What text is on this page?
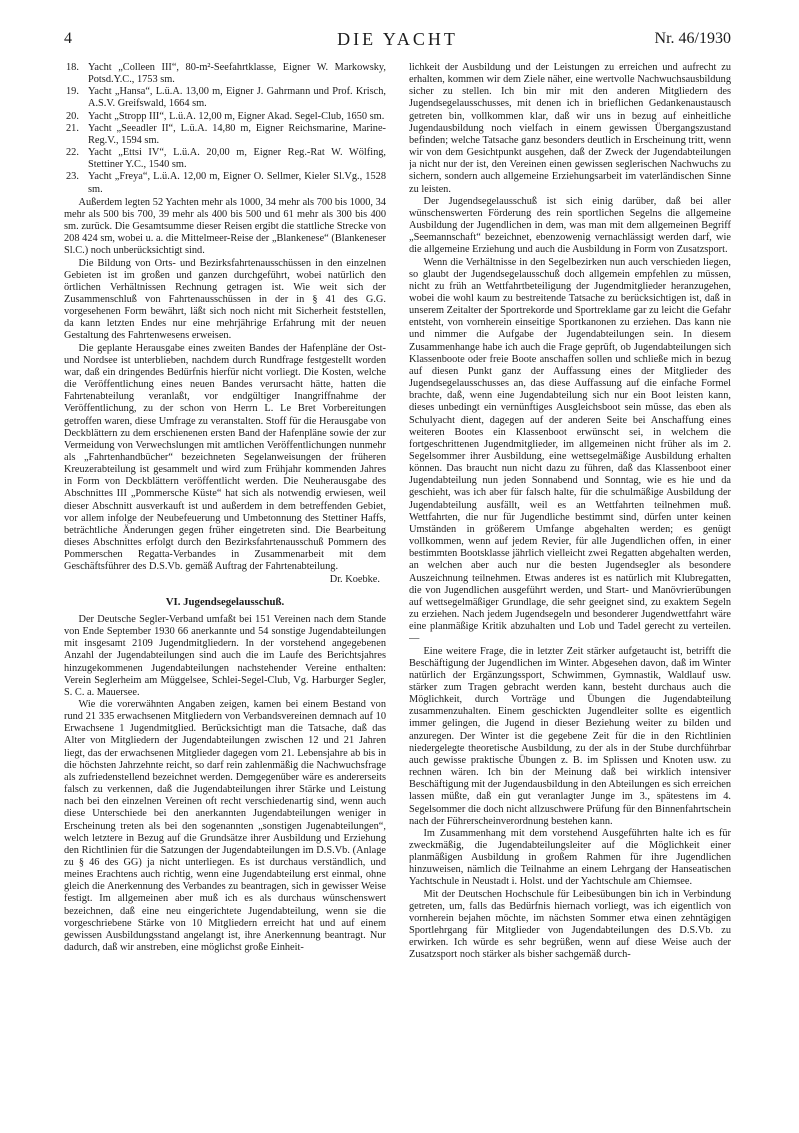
4	DIE YACHT	Nr. 46/1930
18. Yacht „Colleen III“, 80-m²-Seefahrtklasse, Eigner W. Markowsky, Potsd.Y.C., 1753 sm.
19. Yacht „Hansa“, L.ü.A. 13,00 m, Eigner J. Gahrmann und Prof. Krisch, A.S.V. Greifswald, 1664 sm.
20. Yacht „Stropp III“, L.ü.A. 12,00 m, Eigner Akad. Segel-Club, 1650 sm.
21. Yacht „Seeadler II“, L.ü.A. 14,80 m, Eigner Reichsmarine, Marine-Reg.V., 1594 sm.
22. Yacht „Ettsi IV“, L.ü.A. 20,00 m, Eigner Reg.-Rat W. Wölfing, Stettiner Y.C., 1540 sm.
23. Yacht „Freya“, L.ü.A. 12,00 m, Eigner O. Sellmer, Kieler Sl.Vg., 1528 sm.

Außerdem legten 52 Yachten mehr als 1000, 34 mehr als 700 bis 1000, 34 mehr als 500 bis 700, 39 mehr als 400 bis 500 und 61 mehr als 300 bis 400 sm. zurück. Die Gesamtsumme dieser Reisen ergibt die stattliche Strecke von 208 424 sm, wobei u. a. die Mittelmeer-Reise der „Blankenese“ (Blankeneser Sl.C.) noch unberücksichtigt sind.

Die Bildung von Orts- und Bezirksfahrtenausschüssen in den einzelnen Gebieten ist im großen und ganzen durchgeführt, wobei natürlich den örtlichen Verhältnissen Rechnung getragen ist. Wie weit sich der Zusammenschluß von Fahrtenausschüssen in der in § 41 des G.G. vorgesehenen Form bewährt, läßt sich noch nicht mit Sicherheit feststellen, da kann letzten Endes nur eine mehrjährige Erfahrung mit der neuen Gestaltung des Fahrtenwesens erweisen.

Die geplante Herausgabe eines zweiten Bandes der Hafenpläne der Ost- und Nordsee ist unterblieben, nachdem durch Rundfrage festgestellt worden war, daß ein dringendes Bedürfnis hierfür nicht vorliegt. Die Kosten, welche die Veröffentlichung eines neuen Bandes verursacht hätte, hatten die Fahrtenabteilung veranlaßt, vor endgültiger Inangriffnahme der Veröffentlichung, zu der schon von Herrn L. Le Bret Vorbereitungen getroffen waren, diese Umfrage zu veranstalten. Stoff für die Herausgabe von Deckblättern zu dem erschienenen ersten Band der Hafenpläne sowie der zur Vermeidung von Verwechslungen mit amtlichen Veröffentlichungen nunmehr als „Fahrtenhandbücher“ bezeichneten Segelanweisungen der früheren Kreuzerabteilung ist gesammelt und wird zum Frühjahr kommenden Jahres in Form von Deckblättern veröffentlicht werden. Die Neuherausgabe des Abschnittes III „Pommersche Küste“ hat sich als notwendig erwiesen, weil dieser Abschnitt ausverkauft ist und außerdem in dem betreffenden Gebiet, vor allem infolge der Neubefeuerung und Umbetonnung des Stettiner Haffs, beträchtliche Änderungen gegen früher eingetreten sind. Die Bearbeitung dieses Abschnittes erfolgt durch den Bezirksfahrtenausschuß Pommern des Pommerschen Regatta-Verbandes in Zusammenarbeit mit dem Geschäftsführer des D.S.Vb. gemäß Auftrag der Fahrtenabteilung.

Dr. Koebke.

VI. Jugendsegelausschuß.

Der Deutsche Segler-Verband umfaßt bei 151 Vereinen nach dem Stande von Ende September 1930 66 anerkannte und 54 sonstige Jugendabteilungen mit insgesamt 2109 Jugendmitgliedern. In der vorstehend angegebenen Anzahl der Jugendabteilungen sind auch die im Laufe des Berichtsjahres hinzugekommenen Jugendabteilungen nachstehender Vereine enthalten: Verein Seglerheim am Müggelsee, Schlei-Segel-Club, Vg. Harburger Segler, S. C. a. Mauersee.

Wie die vorerwähnten Angaben zeigen, kamen bei einem Bestand von rund 21 335 erwachsenen Mitgliedern von Verbandsvereinen demnach auf 10 Erwachsene 1 Jugendmitglied. Berücksichtigt man die Tatsache, daß das Alter von Mitgliedern der Jugendabteilungen zwischen 12 und 21 Jahren liegt, das der erwachsenen Mitglieder dagegen vom 21. Lebensjahre ab bis in die höchsten Jahrzehnte reicht, so darf rein zahlenmäßig die Nachwuchsfrage als zufriedenstellend bezeichnet werden. Demgegenüber wäre es andererseits falsch zu verkennen, daß die Jugendabteilungen ihrer Stärke und Leistung nach bei den einzelnen Vereinen oft recht verschiedenartig sind, wenn auch diese Unterschiede bei den anerkannten Jugendabteilungen weniger in Erscheinung treten als bei den sogenannten „sonstigen Jugenabteilungen“, welch letztere in Bezug auf die Grundsätze ihrer Ausbildung und Erziehung den Richtlinien für die Satzungen der Jugendabteilungen im D.S.Vb. (Anlage zu § 46 des GG) ja nicht unterliegen. Es ist durchaus verständlich, und meines Erachtens auch richtig, wenn eine Jugendabteilung erst einmal, ohne gleich die Anerkennung des Verbandes zu beantragen, sich in gewisser Weise festigt. Im allgemeinen aber muß ich es als durchaus wünschenswert bezeichnen, daß eine neu eingerichtete Jugendabteilung, wenn sie die vorgeschriebene Stärke von 10 Mitgliedern erreicht hat und auf einem gewissen Ausbildungsstand angelangt ist, ihre Anerkennung beantragt. Nur dadurch, daß wir anstreben, eine möglichst große Einheit-

lichkeit der Ausbildung und der Leistungen zu erreichen und aufrecht zu erhalten, kommen wir dem Ziele näher, eine wertvolle Nachwuchsausbildung sicher zu stellen. Ich bin mir mit den anderen Mitgliedern des Jugendsegelausschusses, mit denen ich in brieflichen Gedankenaustausch getreten bin, vollkommen klar, daß wir uns in bezug auf einheitliche Jugendausbildung noch vielfach in einem gewissen Übergangszustand befinden; welche Tatsache ganz besonders deutlich in Erscheinung tritt, wenn wir von dem Gesichtpunkt ausgehen, daß der Zweck der Jugendabteilungen ja nicht nur der ist, den Vereinen einen gewissen seglerischen Nachwuchs zu sichern, sondern auch allgemeine Erziehungsarbeit im vaterländischen Sinne zu leisten.

Der Jugendsegelausschuß ist sich einig darüber, daß bei aller wünschenswerten Förderung des rein sportlichen Segelns die allgemeine Ausbildung der Jugendlichen in dem, was man mit dem allgemeinen Begriff „Seemannschaft“ bezeichnet, ebenzowenig vernachlässigt werden darf, wie die allgemeine Erziehung und auch die Ausbildung in Form von Zusatzsport.

Wenn die Verhältnisse in den Segelbezirken nun auch verschieden liegen, so glaubt der Jugendsegelausschuß doch allgemein empfehlen zu müssen, nicht zu früh an Wettfahrtbeteiligung der Jugendmitglieder heranzugehen, wobei die wohl kaum zu bestreitende Tatsache zu berücksichtigen ist, daß in unserem Zeitalter der Sportrekorde und Sportreklame gar zu leicht die Gefahr entsteht, von vornherein einseitige Sportkanonen zu erziehen. Das kann nie und nimmer die Aufgabe der Jugendabteilungen sein. In diesem Zusammenhange habe ich auch die Frage geprüft, ob Jugendabteilungen sich Klassenboote oder freie Boote anschaffen sollen und schließe mich in bezug auf diesen Punkt ganz der Auffassung eines der Mitglieder des Jugendsegelausschusses an, das diese Auffassung auf die einfache Formel brachte, daß, wenn eine Jugendabteilung sich nur ein Boot leisten kann, dieses unbedingt ein vernünftiges Ausgleichsboot sein müsse, das eben als Schulyacht dient, dagegen auf der anderen Seite bei Anschaffung eines weiteren Bootes ein Klassenboot erwünscht sei, in welchem die fortgeschrittenen Jugendmitglieder, im allgemeinen nicht früher als im 2. Segelsommer ihrer Ausbildung, eine wettsegelmäßige Ausbildung erhalten können. Das braucht nun nicht dazu zu führen, daß das Klassenboot einer Jugendabteilung nun jeden Sonnabend und Sonntag, wie es hie und da geschieht, was ich aber für falsch halte, für die schulmäßige Ausbildung der Jugendabteilung ausfällt, weil es an Wettfahrten teilnehmen muß. Wettfahrten, die nur für Jugendliche bestimmt sind, dürfen unter keinen Umständen in größerem Umfange abgehalten werden; es genügt vollkommen, wenn auf jedem Revier, für alle Jugendlichen offen, in einer bestimmten Bootsklasse jährlich vielleicht zwei Regatten abgehalten werden, an welchen aber auch nur die besten Jugendsegler als besondere Auszeichnung teilnehmen. Etwas anderes ist es natürlich mit Klubregatten, die von Jugendlichen ausgeführt werden, und Start- und Manövrierübungen auf wettsegelmäßiger Grundlage, die sehr geeignet sind, zu exaktem Segeln zu erziehen. Nach jedem Jugendsegeln und besonderer Jugendwettfahrt wäre eine planmäßige Kritik abzuhalten und Lob und Tadel gerecht zu verteilen. —

Eine weitere Frage, die in letzter Zeit stärker aufgetaucht ist, betrifft die Beschäftigung der Jugendlichen im Winter. Abgesehen davon, daß im Winter natürlich der Ergänzungssport, Schwimmen, Gymnastik, Waldlauf usw. stärker zum Tragen gebracht werden kann, besteht durchaus auch die Möglichkeit, durch Vorträge und Übungen die Jugendabteilung zusammenzuhalten. Einem geschickten Jugendleiter sollte es eigentlich immer gelingen, die Jugend in dieser Beziehung weiter zu bilden und anzuregen. Der Winter ist die gegebene Zeit für die in den Richtlinien niedergelegte theoretische Ausbildung, zu der als in der Stube durchführbar auch gewisse praktische Übungen z. B. im Splissen und Knoten usw. zu rechnen wären. Ich bin der Meinung daß bei wirklich intensiver Beschäftigung mit der Jugendausbildung in den Abteilungen es sich erreichen lassen müßte, daß ein gut veranlagter Junge im 3., spätestens im 4. Segelsommer die doch nicht allzuschwere Prüfung für den Binnenfahrtschein nach der Führerscheinverordnung bestehen kann.

Im Zusammenhang mit dem vorstehend Ausgeführten halte ich es für zweckmäßig, die Jugendabteilungsleiter auf die Möglichkeit einer planmäßigen Ausbildung in großem Rahmen für ihre Jugendlichen hinzuweisen, nämlich die Teilnahme an einem Lehrgang der Hanseatischen Yachtschule in Neustadt i. Holst. und der Yachtschule am Chiemsee.

Mit der Deutschen Hochschule für Leibesübungen bin ich in Verbindung getreten, um, falls das Bedürfnis hiernach vorliegt, was ich eigentlich von vornherein bejahen möchte, im nächsten Sommer etwa einen zehntägigen Sportlehrgang für Mitglieder von Jugendabteilungen des D.S.Vb. zu erwirken. Ich würde es sehr begrüßen, wenn auf diese Weise auch der Zusatzsport noch stärker als bisher sachgemäß durch-
